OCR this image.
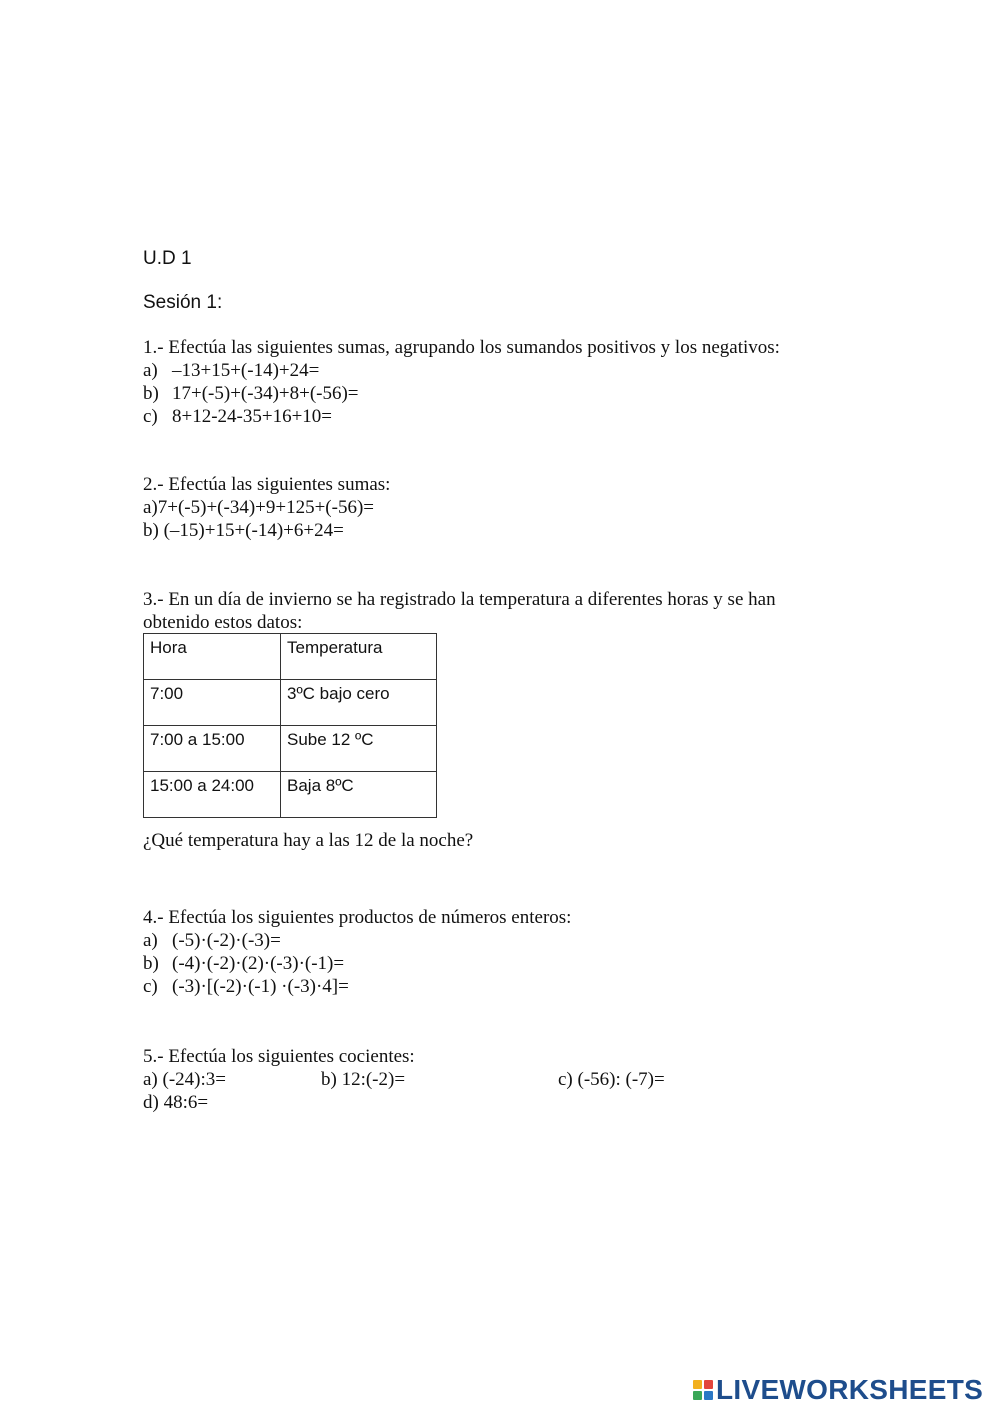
U.D 1
Sesión 1:
1.- Efectúa las siguientes sumas, agrupando los sumandos positivos y los negativos:
a) –13+15+(-14)+24=
b) 17+(-5)+(-34)+8+(-56)=
c) 8+12-24-35+16+10=
2.- Efectúa las siguientes sumas:
a)7+(-5)+(-34)+9+125+(-56)=
b) (–15)+15+(-14)+6+24=
3.- En un día de invierno se ha registrado la temperatura a diferentes horas y se han
obtenido estos datos:
Hora	Temperatura
7:00	3ºC bajo cero
7:00 a 15:00	Sube 12 ºC
15:00 a 24:00	Baja 8ºC
¿Qué temperatura hay a las 12 de la noche?
4.- Efectúa los siguientes productos de números enteros:
a) (-5)·(-2)·(-3)=
b) (-4)·(-2)·(2)·(-3)·(-1)=
c) (-3)·[(-2)·(-1) ·(-3)·4]=
5.- Efectúa los siguientes cocientes:
a) (-24):3=	b) 12:(-2)=	c) (-56): (-7)=
d) 48:6=
LIVEWORKSHEETS
